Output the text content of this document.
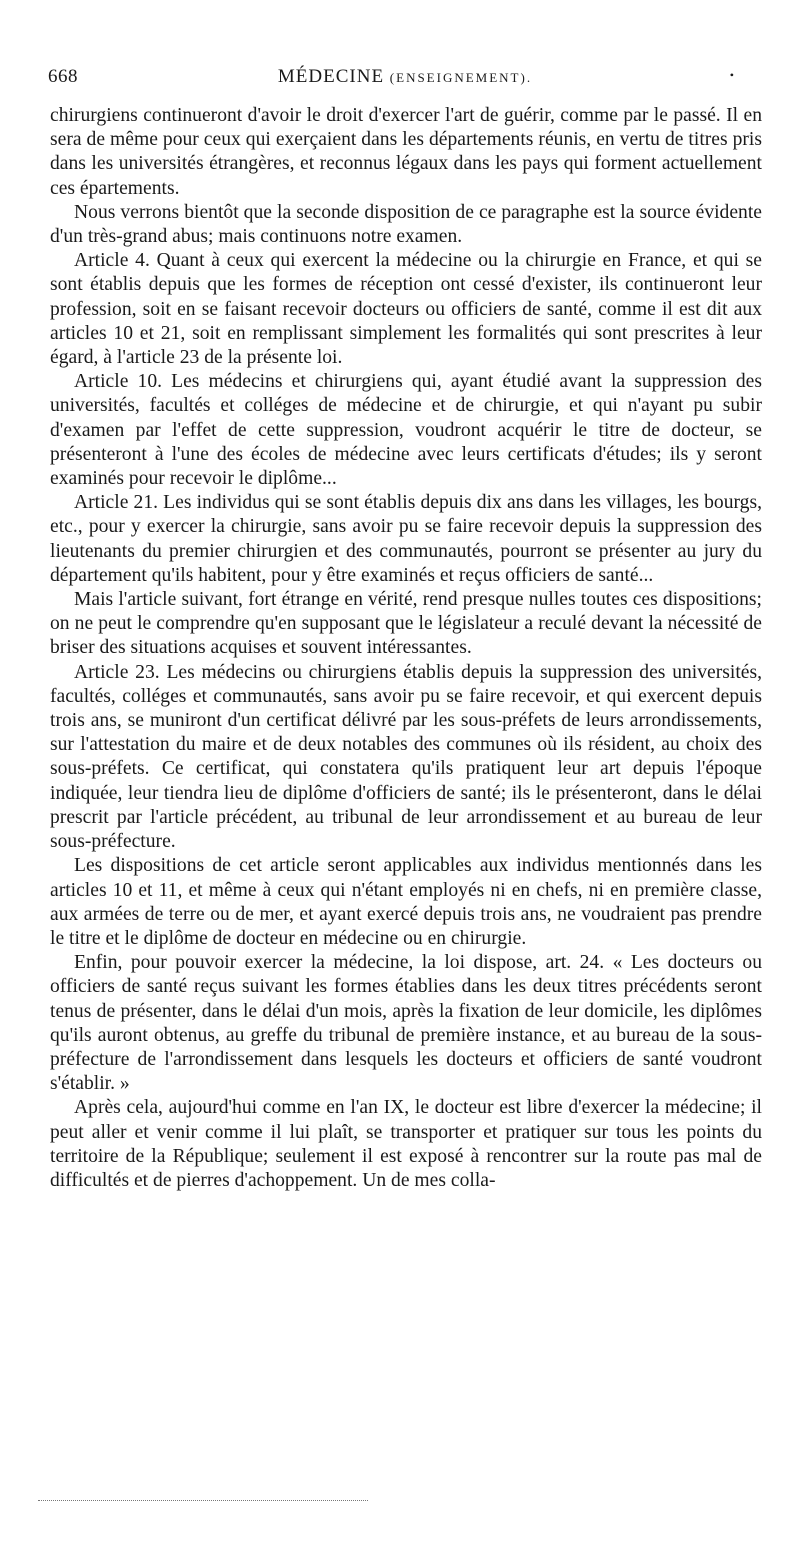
668	MÉDECINE (ENSEIGNEMENT).	•

chirurgiens continueront d'avoir le droit d'exercer l'art de guérir, comme par le passé. Il en sera de même pour ceux qui exerçaient dans les départements réunis, en vertu de titres pris dans les universités étrangères, et reconnus légaux dans les pays qui forment actuellement ces épartements.

Nous verrons bientôt que la seconde disposition de ce paragraphe est la source évidente d'un très-grand abus; mais continuons notre examen.

Article 4. Quant à ceux qui exercent la médecine ou la chirurgie en France, et qui se sont établis depuis que les formes de réception ont cessé d'exister, ils continueront leur profession, soit en se faisant recevoir docteurs ou officiers de santé, comme il est dit aux articles 10 et 21, soit en remplissant simplement les formalités qui sont prescrites à leur égard, à l'article 23 de la présente loi.

Article 10. Les médecins et chirurgiens qui, ayant étudié avant la suppression des universités, facultés et colléges de médecine et de chirurgie, et qui n'ayant pu subir d'examen par l'effet de cette suppression, voudront acquérir le titre de docteur, se présenteront à l'une des écoles de médecine avec leurs certificats d'études; ils y seront examinés pour recevoir le diplôme...

Article 21. Les individus qui se sont établis depuis dix ans dans les villages, les bourgs, etc., pour y exercer la chirurgie, sans avoir pu se faire recevoir depuis la suppression des lieutenants du premier chirurgien et des communautés, pourront se présenter au jury du département qu'ils habitent, pour y être examinés et reçus officiers de santé...

Mais l'article suivant, fort étrange en vérité, rend presque nulles toutes ces dispositions; on ne peut le comprendre qu'en supposant que le législateur a reculé devant la nécessité de briser des situations acquises et souvent intéressantes.

Article 23. Les médecins ou chirurgiens établis depuis la suppression des universités, facultés, colléges et communautés, sans avoir pu se faire recevoir, et qui exercent depuis trois ans, se muniront d'un certificat délivré par les sous-préfets de leurs arrondissements, sur l'attestation du maire et de deux notables des communes où ils résident, au choix des sous-préfets. Ce certificat, qui constatera qu'ils pratiquent leur art depuis l'époque indiquée, leur tiendra lieu de diplôme d'officiers de santé; ils le présenteront, dans le délai prescrit par l'article précédent, au tribunal de leur arrondissement et au bureau de leur sous-préfecture.

Les dispositions de cet article seront applicables aux individus mentionnés dans les articles 10 et 11, et même à ceux qui n'étant employés ni en chefs, ni en première classe, aux armées de terre ou de mer, et ayant exercé depuis trois ans, ne voudraient pas prendre le titre et le diplôme de docteur en médecine ou en chirurgie.

Enfin, pour pouvoir exercer la médecine, la loi dispose, art. 24. « Les docteurs ou officiers de santé reçus suivant les formes établies dans les deux titres précédents seront tenus de présenter, dans le délai d'un mois, après la fixation de leur domicile, les diplômes qu'ils auront obtenus, au greffe du tribunal de première instance, et au bureau de la sous-préfecture de l'arrondissement dans lesquels les docteurs et officiers de santé voudront s'établir. »

Après cela, aujourd'hui comme en l'an IX, le docteur est libre d'exercer la médecine; il peut aller et venir comme il lui plaît, se transporter et pratiquer sur tous les points du territoire de la République; seulement il est exposé à rencontrer sur la route pas mal de difficultés et de pierres d'achoppement. Un de mes colla-
